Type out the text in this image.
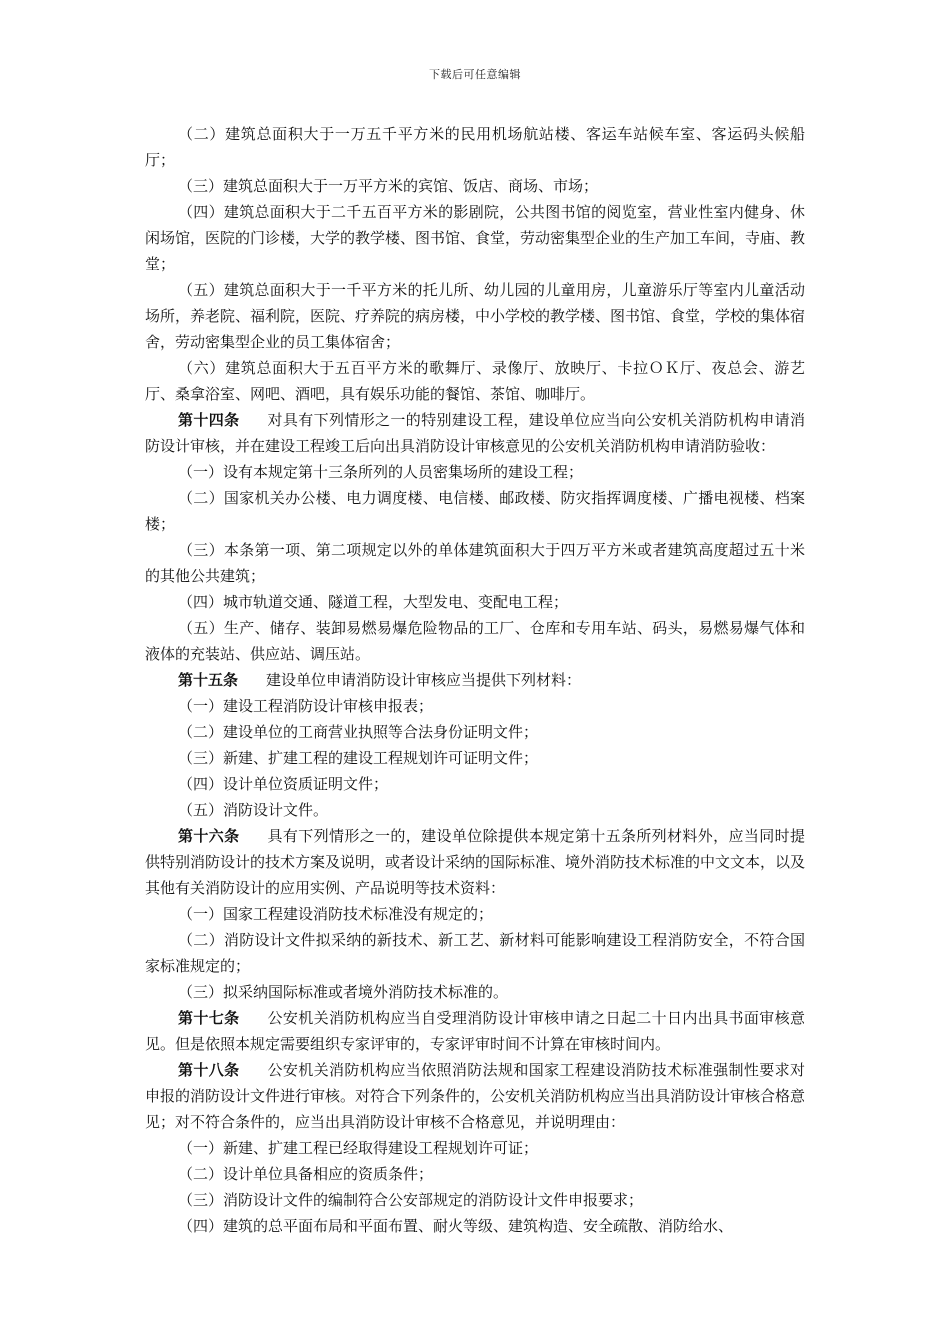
下载后可任意编辑

（二）建筑总面积大于一万五千平方米的民用机场航站楼、客运车站候车室、客运码头候船厅；

（三）建筑总面积大于一万平方米的宾馆、饭店、商场、市场；

（四）建筑总面积大于二千五百平方米的影剧院，公共图书馆的阅览室，营业性室内健身、休闲场馆，医院的门诊楼，大学的教学楼、图书馆、食堂，劳动密集型企业的生产加工车间，寺庙、教堂；

（五）建筑总面积大于一千平方米的托儿所、幼儿园的儿童用房，儿童游乐厅等室内儿童活动场所，养老院、福利院，医院、疗养院的病房楼，中小学校的教学楼、图书馆、食堂，学校的集体宿舍，劳动密集型企业的员工集体宿舍；

（六）建筑总面积大于五百平方米的歌舞厅、录像厅、放映厅、卡拉ＯＫ厅、夜总会、游艺厅、桑拿浴室、网吧、酒吧，具有娱乐功能的餐馆、茶馆、咖啡厅。

第十四条 对具有下列情形之一的特别建设工程，建设单位应当向公安机关消防机构申请消防设计审核，并在建设工程竣工后向出具消防设计审核意见的公安机关消防机构申请消防验收：

（一）设有本规定第十三条所列的人员密集场所的建设工程；

（二）国家机关办公楼、电力调度楼、电信楼、邮政楼、防灾指挥调度楼、广播电视楼、档案楼；

（三）本条第一项、第二项规定以外的单体建筑面积大于四万平方米或者建筑高度超过五十米的其他公共建筑；

（四）城市轨道交通、隧道工程，大型发电、变配电工程；

（五）生产、储存、装卸易燃易爆危险物品的工厂、仓库和专用车站、码头，易燃易爆气体和液体的充装站、供应站、调压站。

第十五条 建设单位申请消防设计审核应当提供下列材料：

（一）建设工程消防设计审核申报表；

（二）建设单位的工商营业执照等合法身份证明文件；

（三）新建、扩建工程的建设工程规划许可证明文件；

（四）设计单位资质证明文件；

（五）消防设计文件。

第十六条 具有下列情形之一的，建设单位除提供本规定第十五条所列材料外，应当同时提供特别消防设计的技术方案及说明，或者设计采纳的国际标准、境外消防技术标准的中文文本，以及其他有关消防设计的应用实例、产品说明等技术资料：

（一）国家工程建设消防技术标准没有规定的；

（二）消防设计文件拟采纳的新技术、新工艺、新材料可能影响建设工程消防安全，不符合国家标准规定的；

（三）拟采纳国际标准或者境外消防技术标准的。

第十七条 公安机关消防机构应当自受理消防设计审核申请之日起二十日内出具书面审核意见。但是依照本规定需要组织专家评审的，专家评审时间不计算在审核时间内。

第十八条 公安机关消防机构应当依照消防法规和国家工程建设消防技术标准强制性要求对申报的消防设计文件进行审核。对符合下列条件的，公安机关消防机构应当出具消防设计审核合格意见；对不符合条件的，应当出具消防设计审核不合格意见，并说明理由：

（一）新建、扩建工程已经取得建设工程规划许可证；

（二）设计单位具备相应的资质条件；

（三）消防设计文件的编制符合公安部规定的消防设计文件申报要求；

（四）建筑的总平面布局和平面布置、耐火等级、建筑构造、安全疏散、消防给水、
